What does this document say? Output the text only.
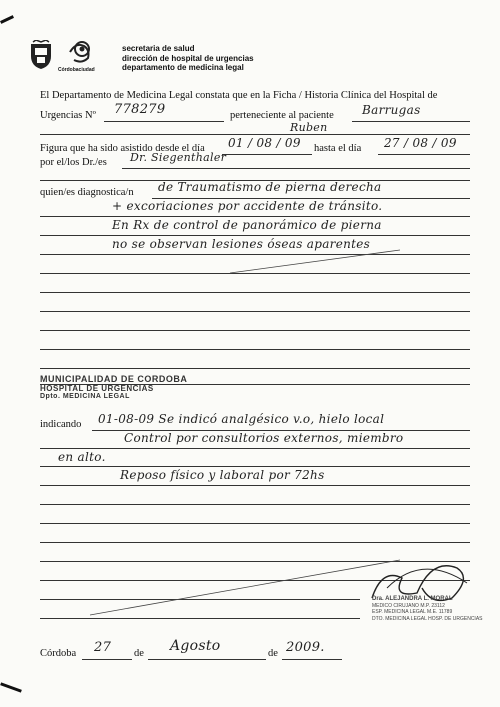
Córdobaciudad
secretaria de salud
dirección de hospital de urgencias
departamento de medicina legal
El Departamento de Medicina Legal constata que en la Ficha / Historia Clínica del Hospital de
Urgencias Nº 778279	perteneciente al paciente Barrugas
Ruben
Figura que ha sido asistido desde el día 01 / 08 / 09 hasta el día 27 / 08 / 09
por el/los Dr./es Dr. Siegenthaler
quien/es diagnostica/n de Traumatismo de pierna derecha
+ excoriaciones por accidente de tránsito.
En Rx de control de panorámico de pierna
no se observan lesiones óseas aparentes
MUNICIPALIDAD DE CORDOBA
HOSPITAL DE URGENCIAS
Dpto. MEDICINA LEGAL
indicando 01-08-09 Se indicó analgésico v.o, hielo local
Control por consultorios externos, miembro
en alto.
Reposo físico y laboral por 72hs
Dra. ALEJANDRA L. MORAL
MEDICO CIRUJANO M.P. 23112
ESP. MEDICINA LEGAL M.E. 11789
DTO. MEDICINA LEGAL HOSP. DE URGENCIAS
Córdoba 27 de Agosto	de 2009.
